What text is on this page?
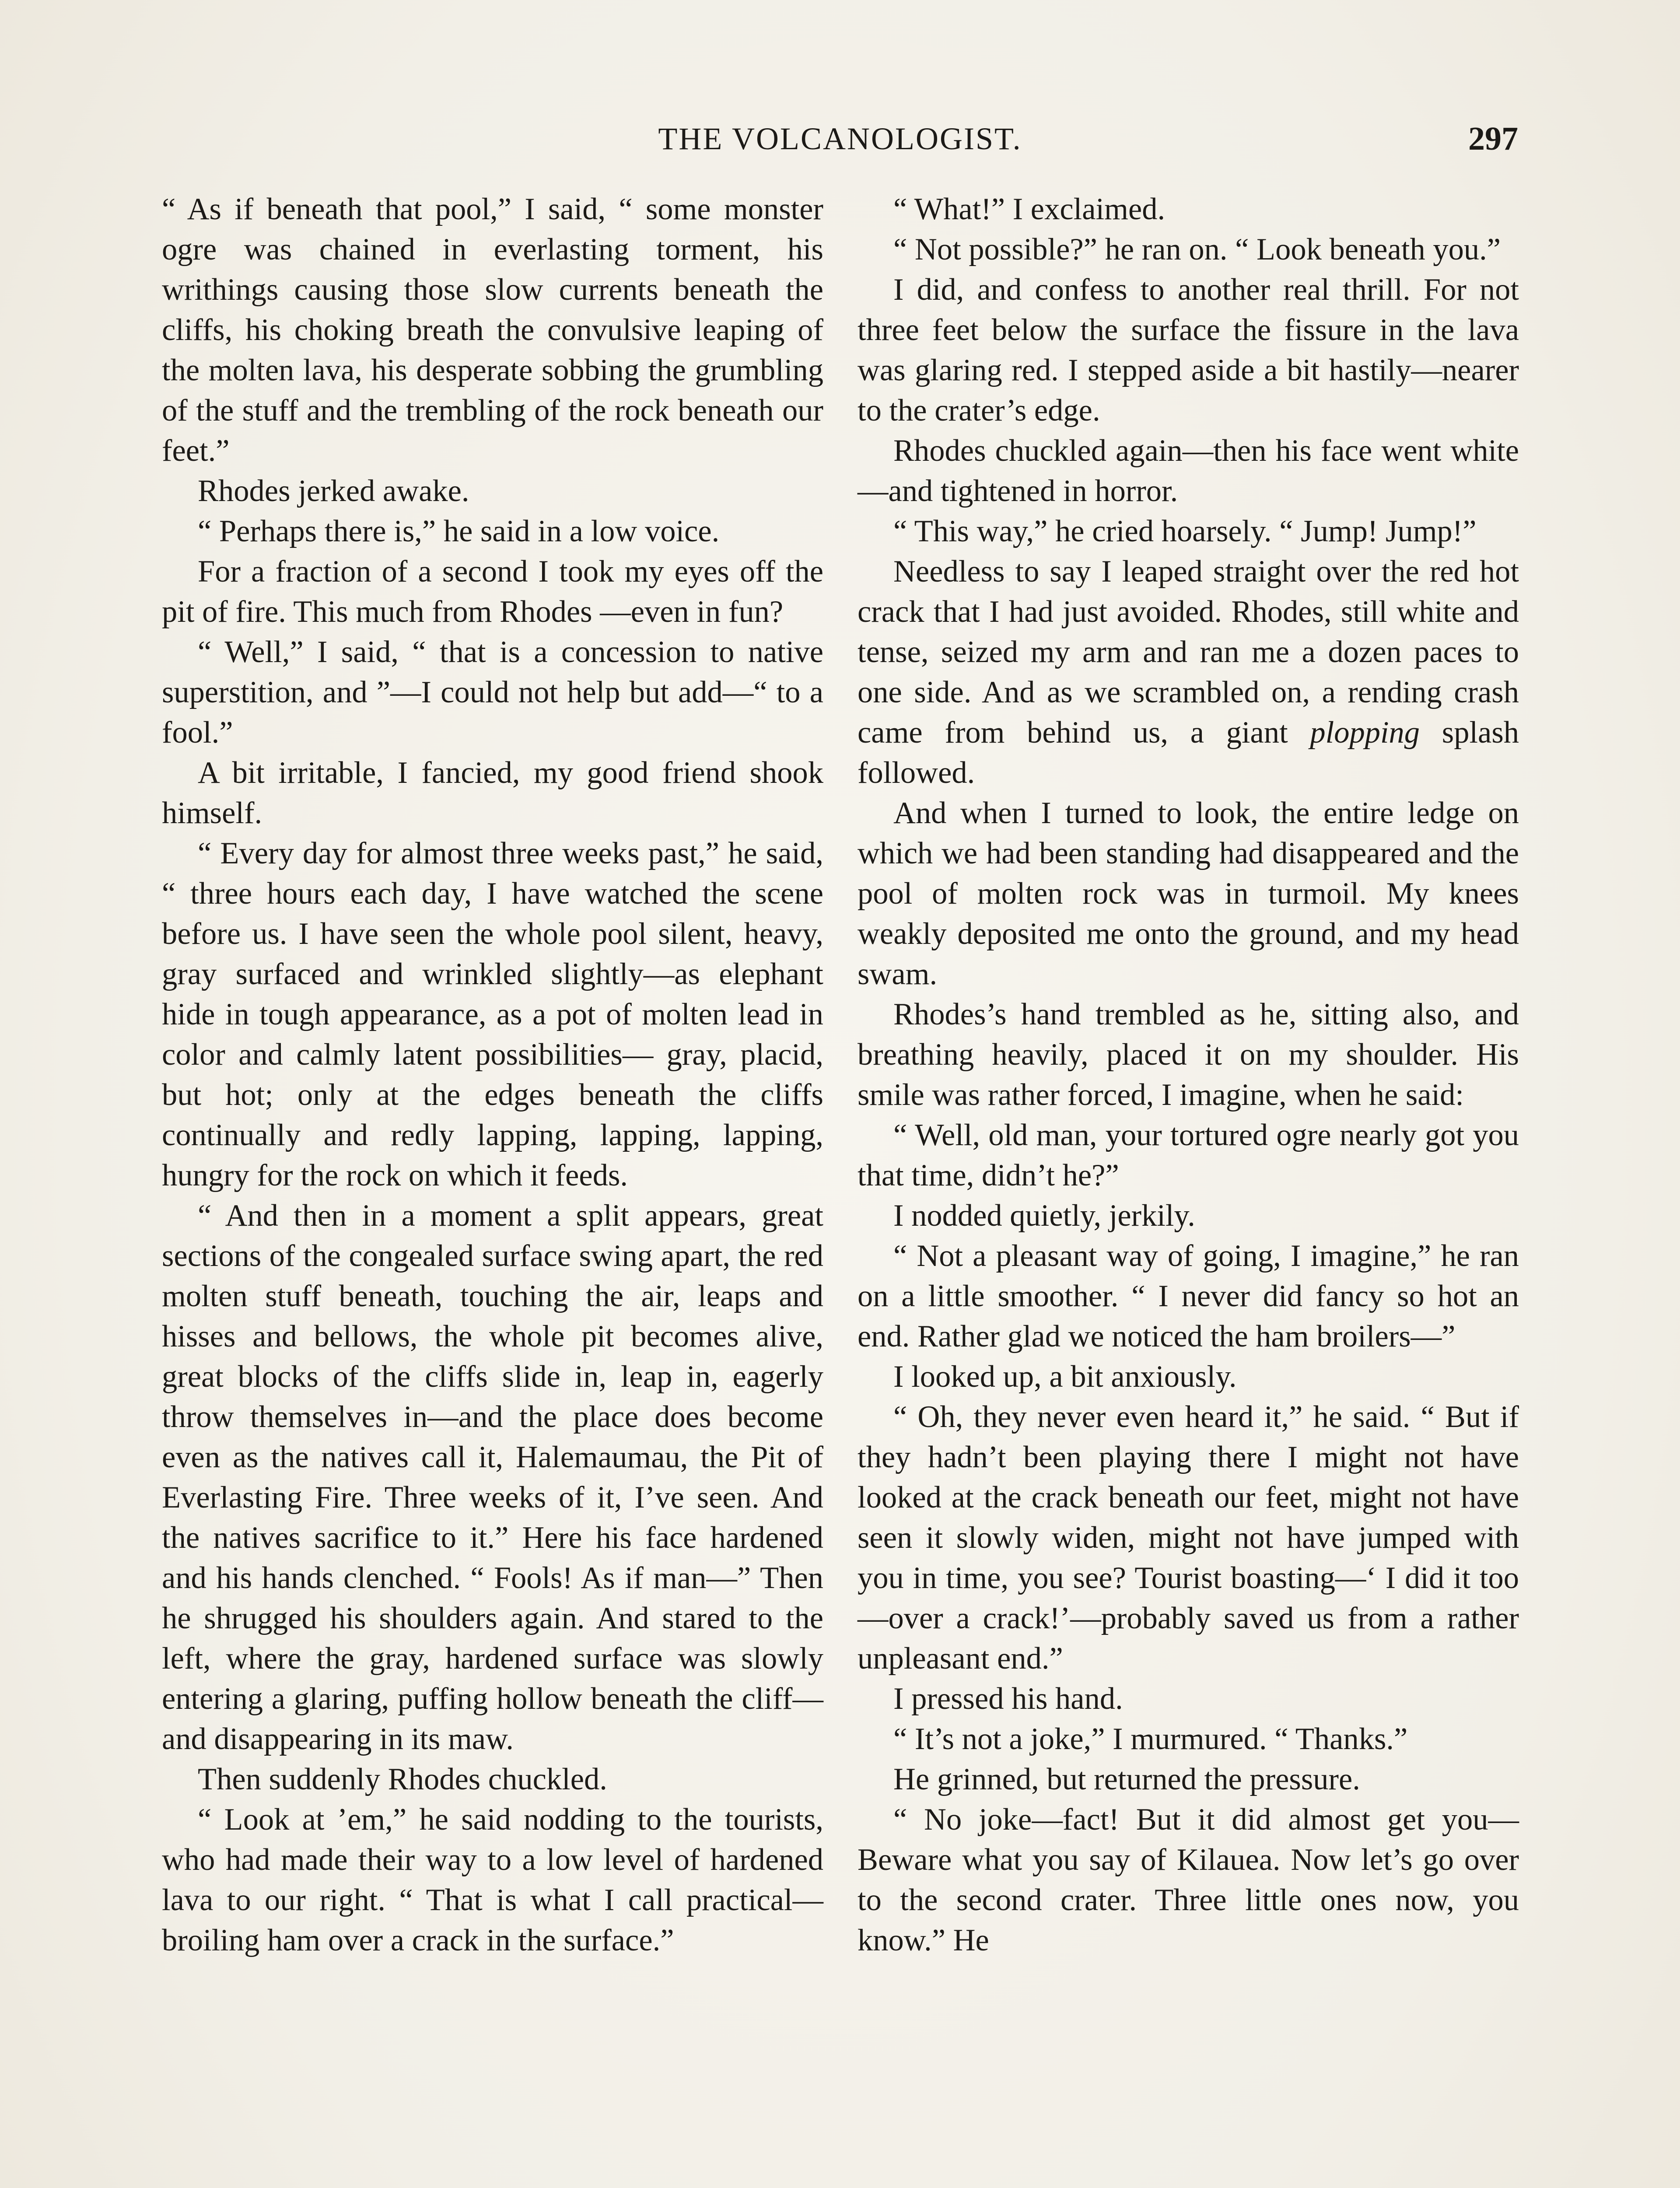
THE VOLCANOLOGIST.	297

“ As if beneath that pool,” I said, “ some monster ogre was chained in everlasting torment, his writhings causing those slow currents beneath the cliffs, his choking breath the convulsive leaping of the molten lava, his desperate sobbing the grumbling of the stuff and the trembling of the rock beneath our feet.”

Rhodes jerked awake.

“ Perhaps there is,” he said in a low voice.

For a fraction of a second I took my eyes off the pit of fire. This much from Rhodes —even in fun?

“ Well,” I said, “ that is a concession to native superstition, and ”—I could not help but add—“ to a fool.”

A bit irritable, I fancied, my good friend shook himself.

“ Every day for almost three weeks past,” he said, “ three hours each day, I have watched the scene before us. I have seen the whole pool silent, heavy, gray surfaced and wrinkled slightly—as elephant hide in tough appearance, as a pot of molten lead in color and calmly latent possibilities— gray, placid, but hot; only at the edges beneath the cliffs continually and redly lapping, lapping, lapping, hungry for the rock on which it feeds.

“ And then in a moment a split appears, great sections of the congealed surface swing apart, the red molten stuff beneath, touching the air, leaps and hisses and bellows, the whole pit becomes alive, great blocks of the cliffs slide in, leap in, eagerly throw themselves in—and the place does become even as the natives call it, Halemaumau, the Pit of Everlasting Fire. Three weeks of it, I’ve seen. And the natives sacrifice to it.” Here his face hardened and his hands clenched. “ Fools! As if man—” Then he shrugged his shoulders again. And stared to the left, where the gray, hardened surface was slowly entering a glaring, puffing hollow beneath the cliff—and disappearing in its maw.

Then suddenly Rhodes chuckled.

“ Look at ’em,” he said nodding to the tourists, who had made their way to a low level of hardened lava to our right. “ That is what I call practical—broiling ham over a crack in the surface.”

“ What!” I exclaimed.

“ Not possible?” he ran on. “ Look beneath you.”

I did, and confess to another real thrill. For not three feet below the surface the fissure in the lava was glaring red. I stepped aside a bit hastily—nearer to the crater’s edge.

Rhodes chuckled again—then his face went white—and tightened in horror.

“ This way,” he cried hoarsely. “ Jump! Jump!”

Needless to say I leaped straight over the red hot crack that I had just avoided. Rhodes, still white and tense, seized my arm and ran me a dozen paces to one side. And as we scrambled on, a rending crash came from behind us, a giant plopping splash followed.

And when I turned to look, the entire ledge on which we had been standing had disappeared and the pool of molten rock was in turmoil. My knees weakly deposited me onto the ground, and my head swam.

Rhodes’s hand trembled as he, sitting also, and breathing heavily, placed it on my shoulder. His smile was rather forced, I imagine, when he said:

“ Well, old man, your tortured ogre nearly got you that time, didn’t he?”

I nodded quietly, jerkily.

“ Not a pleasant way of going, I imagine,” he ran on a little smoother. “ I never did fancy so hot an end. Rather glad we noticed the ham broilers—”

I looked up, a bit anxiously.

“ Oh, they never even heard it,” he said. “ But if they hadn’t been playing there I might not have looked at the crack beneath our feet, might not have seen it slowly widen, might not have jumped with you in time, you see? Tourist boasting—‘ I did it too—over a crack!’—probably saved us from a rather unpleasant end.”

I pressed his hand.

“ It’s not a joke,” I murmured. “ Thanks.”

He grinned, but returned the pressure.

“ No joke—fact! But it did almost get you— Beware what you say of Kilauea. Now let’s go over to the second crater. Three little ones now, you know.” He
